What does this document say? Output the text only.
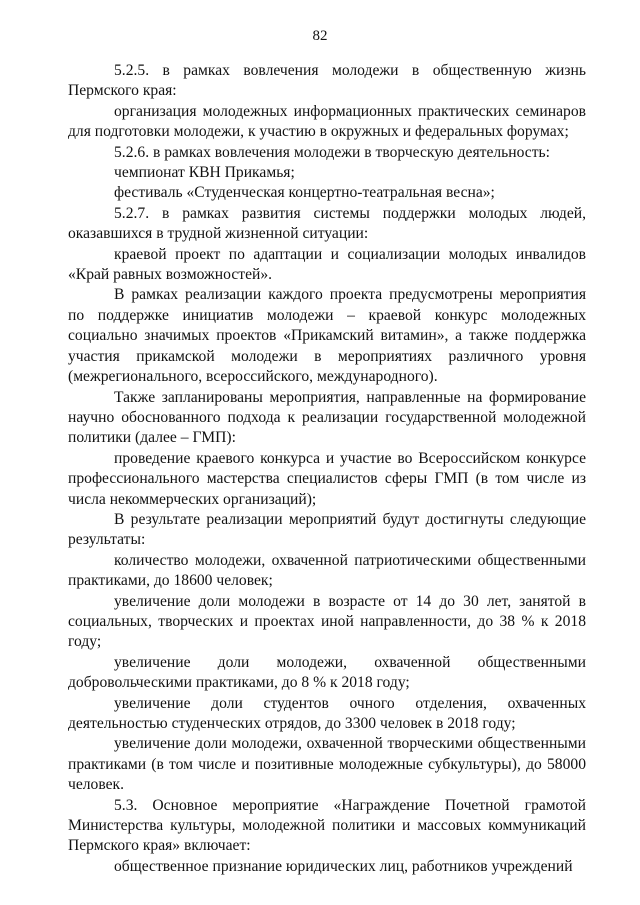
82

5.2.5. в рамках вовлечения молодежи в общественную жизнь Пермского края:

организация молодежных информационных практических семинаров для подготовки молодежи, к участию в окружных и федеральных форумах;

5.2.6. в рамках вовлечения молодежи в творческую деятельность:

чемпионат КВН Прикамья;

фестиваль «Студенческая концертно-театральная весна»;

5.2.7. в рамках развития системы поддержки молодых людей, оказавшихся в трудной жизненной ситуации:

краевой проект по адаптации и социализации молодых инвалидов «Край равных возможностей».

В рамках реализации каждого проекта предусмотрены мероприятия по поддержке инициатив молодежи – краевой конкурс молодежных социально значимых проектов «Прикамский витамин», а также поддержка участия прикамской молодежи в мероприятиях различного уровня (межрегионального, всероссийского, международного).

Также запланированы мероприятия, направленные на формирование научно обоснованного подхода к реализации государственной молодежной политики (далее – ГМП):

проведение краевого конкурса и участие во Всероссийском конкурсе профессионального мастерства специалистов сферы ГМП (в том числе из числа некоммерческих организаций);

В результате реализации мероприятий будут достигнуты следующие результаты:

количество молодежи, охваченной патриотическими общественными практиками, до 18600 человек;

увеличение доли молодежи в возрасте от 14 до 30 лет, занятой в социальных, творческих и проектах иной направленности, до 38 % к 2018 году;

увеличение доли молодежи, охваченной общественными добровольческими практиками, до 8 % к 2018 году;

увеличение доли студентов очного отделения, охваченных деятельностью студенческих отрядов, до 3300 человек в 2018 году;

увеличение доли молодежи, охваченной творческими общественными практиками (в том числе и позитивные молодежные субкультуры), до 58000 человек.

5.3. Основное мероприятие «Награждение Почетной грамотой Министерства культуры, молодежной политики и массовых коммуникаций Пермского края» включает:

общественное признание юридических лиц, работников учреждений
